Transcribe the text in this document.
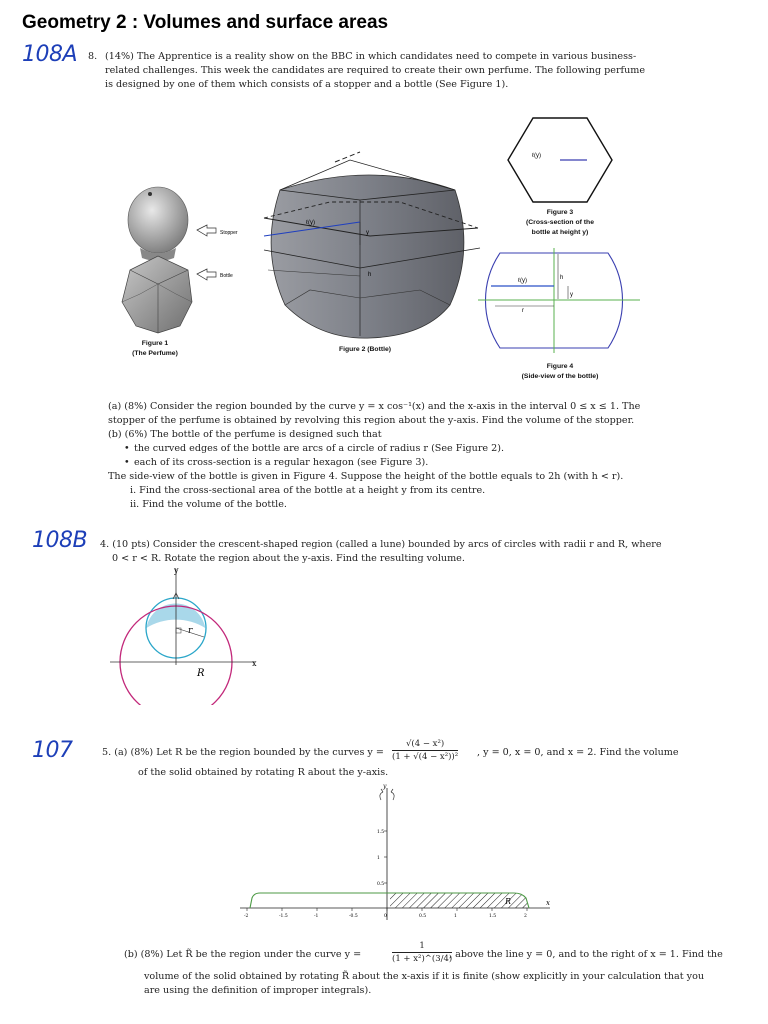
Geometry 2 : Volumes and surface areas
108A
108B
107
8. (14%) The Apprentice is a reality show on the BBC in which candidates need to compete in various business-related challenges. This week the candidates are required to create their own perfume. The following perfume is designed by one of them which consists of a stopper and a bottle (See Figure 1).
Stopper
Bottle
Figure 1
(The Perfume)
ℓ(y)
y
h
Figure 2 (Bottle)
ℓ(y)
Figure 3
(Cross-section of the
bottle at height y)
ℓ(y)	h
y
r
Figure 4
(Side-view of the bottle)
(a) (8%) Consider the region bounded by the curve y = x cos⁻¹(x) and the x-axis in the interval 0 ≤ x ≤ 1. The stopper of the perfume is obtained by revolving this region about the y-axis. Find the volume of the stopper.
(b) (6%) The bottle of the perfume is designed such that
• the curved edges of the bottle are arcs of a circle of radius r (See Figure 2).
• each of its cross-section is a regular hexagon (see Figure 3).
The side-view of the bottle is given in Figure 4. Suppose the height of the bottle equals to 2h (with h < r).
i. Find the cross-sectional area of the bottle at a height y from its centre.
ii. Find the volume of the bottle.
4. (10 pts) Consider the crescent-shaped region (called a lune) bounded by arcs of circles with radii r and R, where
0 < r < R. Rotate the region about the y-axis. Find the resulting volume.
y
x
r
R
5. (a) (8%) Let R be the region bounded by the curves $y = \frac{\text{√(4 − x²)}}{\text{(1 + √(4 − x²))²}}$ , y = 0, x = 0, and x = 2. Find the volume
of the solid obtained by rotating R about the y-axis.
-2	-1.5	-1	-0.5	0	0.5	1	1.5	2
0.5
1
1.5
y
x
R
(b) (8%) Let R̃ be the region under the curve y =	$\frac{1}{\text{(1 + x²)\textasciicircum{}(3/4)}}$
, above the line y = 0, and to the right of x = 1. Find the
volume of the solid obtained by rotating R̃ about the x-axis if it is finite (show explicitly in your calculation that you
are using the definition of improper integrals).
